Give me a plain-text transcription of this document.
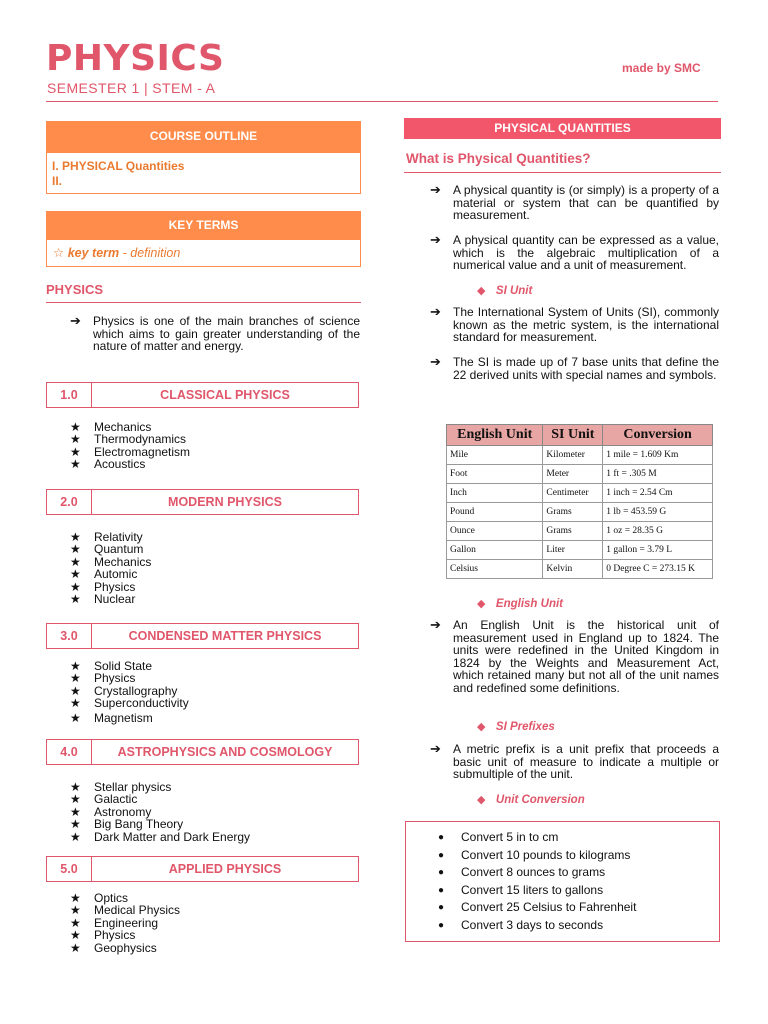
PHYSICS
SEMESTER 1 | STEM - A
made by SMC
COURSE OUTLINE
I. PHYSICAL Quantities
II.
KEY TERMS
☆ key term - definition
PHYSICS
➔ Physics is one of the main branches of science which aims to gain greater understanding of the nature of matter and energy.
1.0	CLASSICAL PHYSICS
★ Mechanics
★ Thermodynamics
★ Electromagnetism
★ Acoustics
2.0	MODERN PHYSICS
★ Relativity
★ Quantum
★ Mechanics
★ Automic
★ Physics
★ Nuclear
3.0	CONDENSED MATTER PHYSICS
★ Solid State
★ Physics
★ Crystallography
★ Superconductivity
★ Magnetism
4.0	ASTROPHYSICS AND COSMOLOGY
★ Stellar physics
★ Galactic
★ Astronomy
★ Big Bang Theory
★ Dark Matter and Dark Energy
5.0	APPLIED PHYSICS
★ Optics
★ Medical Physics
★ Engineering
★ Physics
★ Geophysics
PHYSICAL QUANTITIES
What is Physical Quantities?
➔ A physical quantity is (or simply) is a property of a material or system that can be quantified by measurement.
➔ A physical quantity can be expressed as a value, which is the algebraic multiplication of a numerical value and a unit of measurement.
◆ SI Unit
➔ The International System of Units (SI), commonly known as the metric system, is the international standard for measurement.
➔ The SI is made up of 7 base units that define the 22 derived units with special names and symbols.
English Unit	SI Unit	Conversion
Mile	Kilometer	1 mile = 1.609 Km
Foot	Meter	1 ft = .305 M
Inch	Centimeter	1 inch = 2.54 Cm
Pound	Grams	1 lb = 453.59 G
Ounce	Grams	1 oz = 28.35 G
Gallon	Liter	1 gallon = 3.79 L
Celsius	Kelvin	0 Degree C = 273.15 K
◆ English Unit
➔ An English Unit is the historical unit of measurement used in England up to 1824. The units were redefined in the United Kingdom in 1824 by the Weights and Measurement Act, which retained many but not all of the unit names and redefined some definitions.
◆ SI Prefixes
➔ A metric prefix is a unit prefix that proceeds a basic unit of measure to indicate a multiple or submultiple of the unit.
◆ Unit Conversion
● Convert 5 in to cm
● Convert 10 pounds to kilograms
● Convert 8 ounces to grams
● Convert 15 liters to gallons
● Convert 25 Celsius to Fahrenheit
● Convert 3 days to seconds
